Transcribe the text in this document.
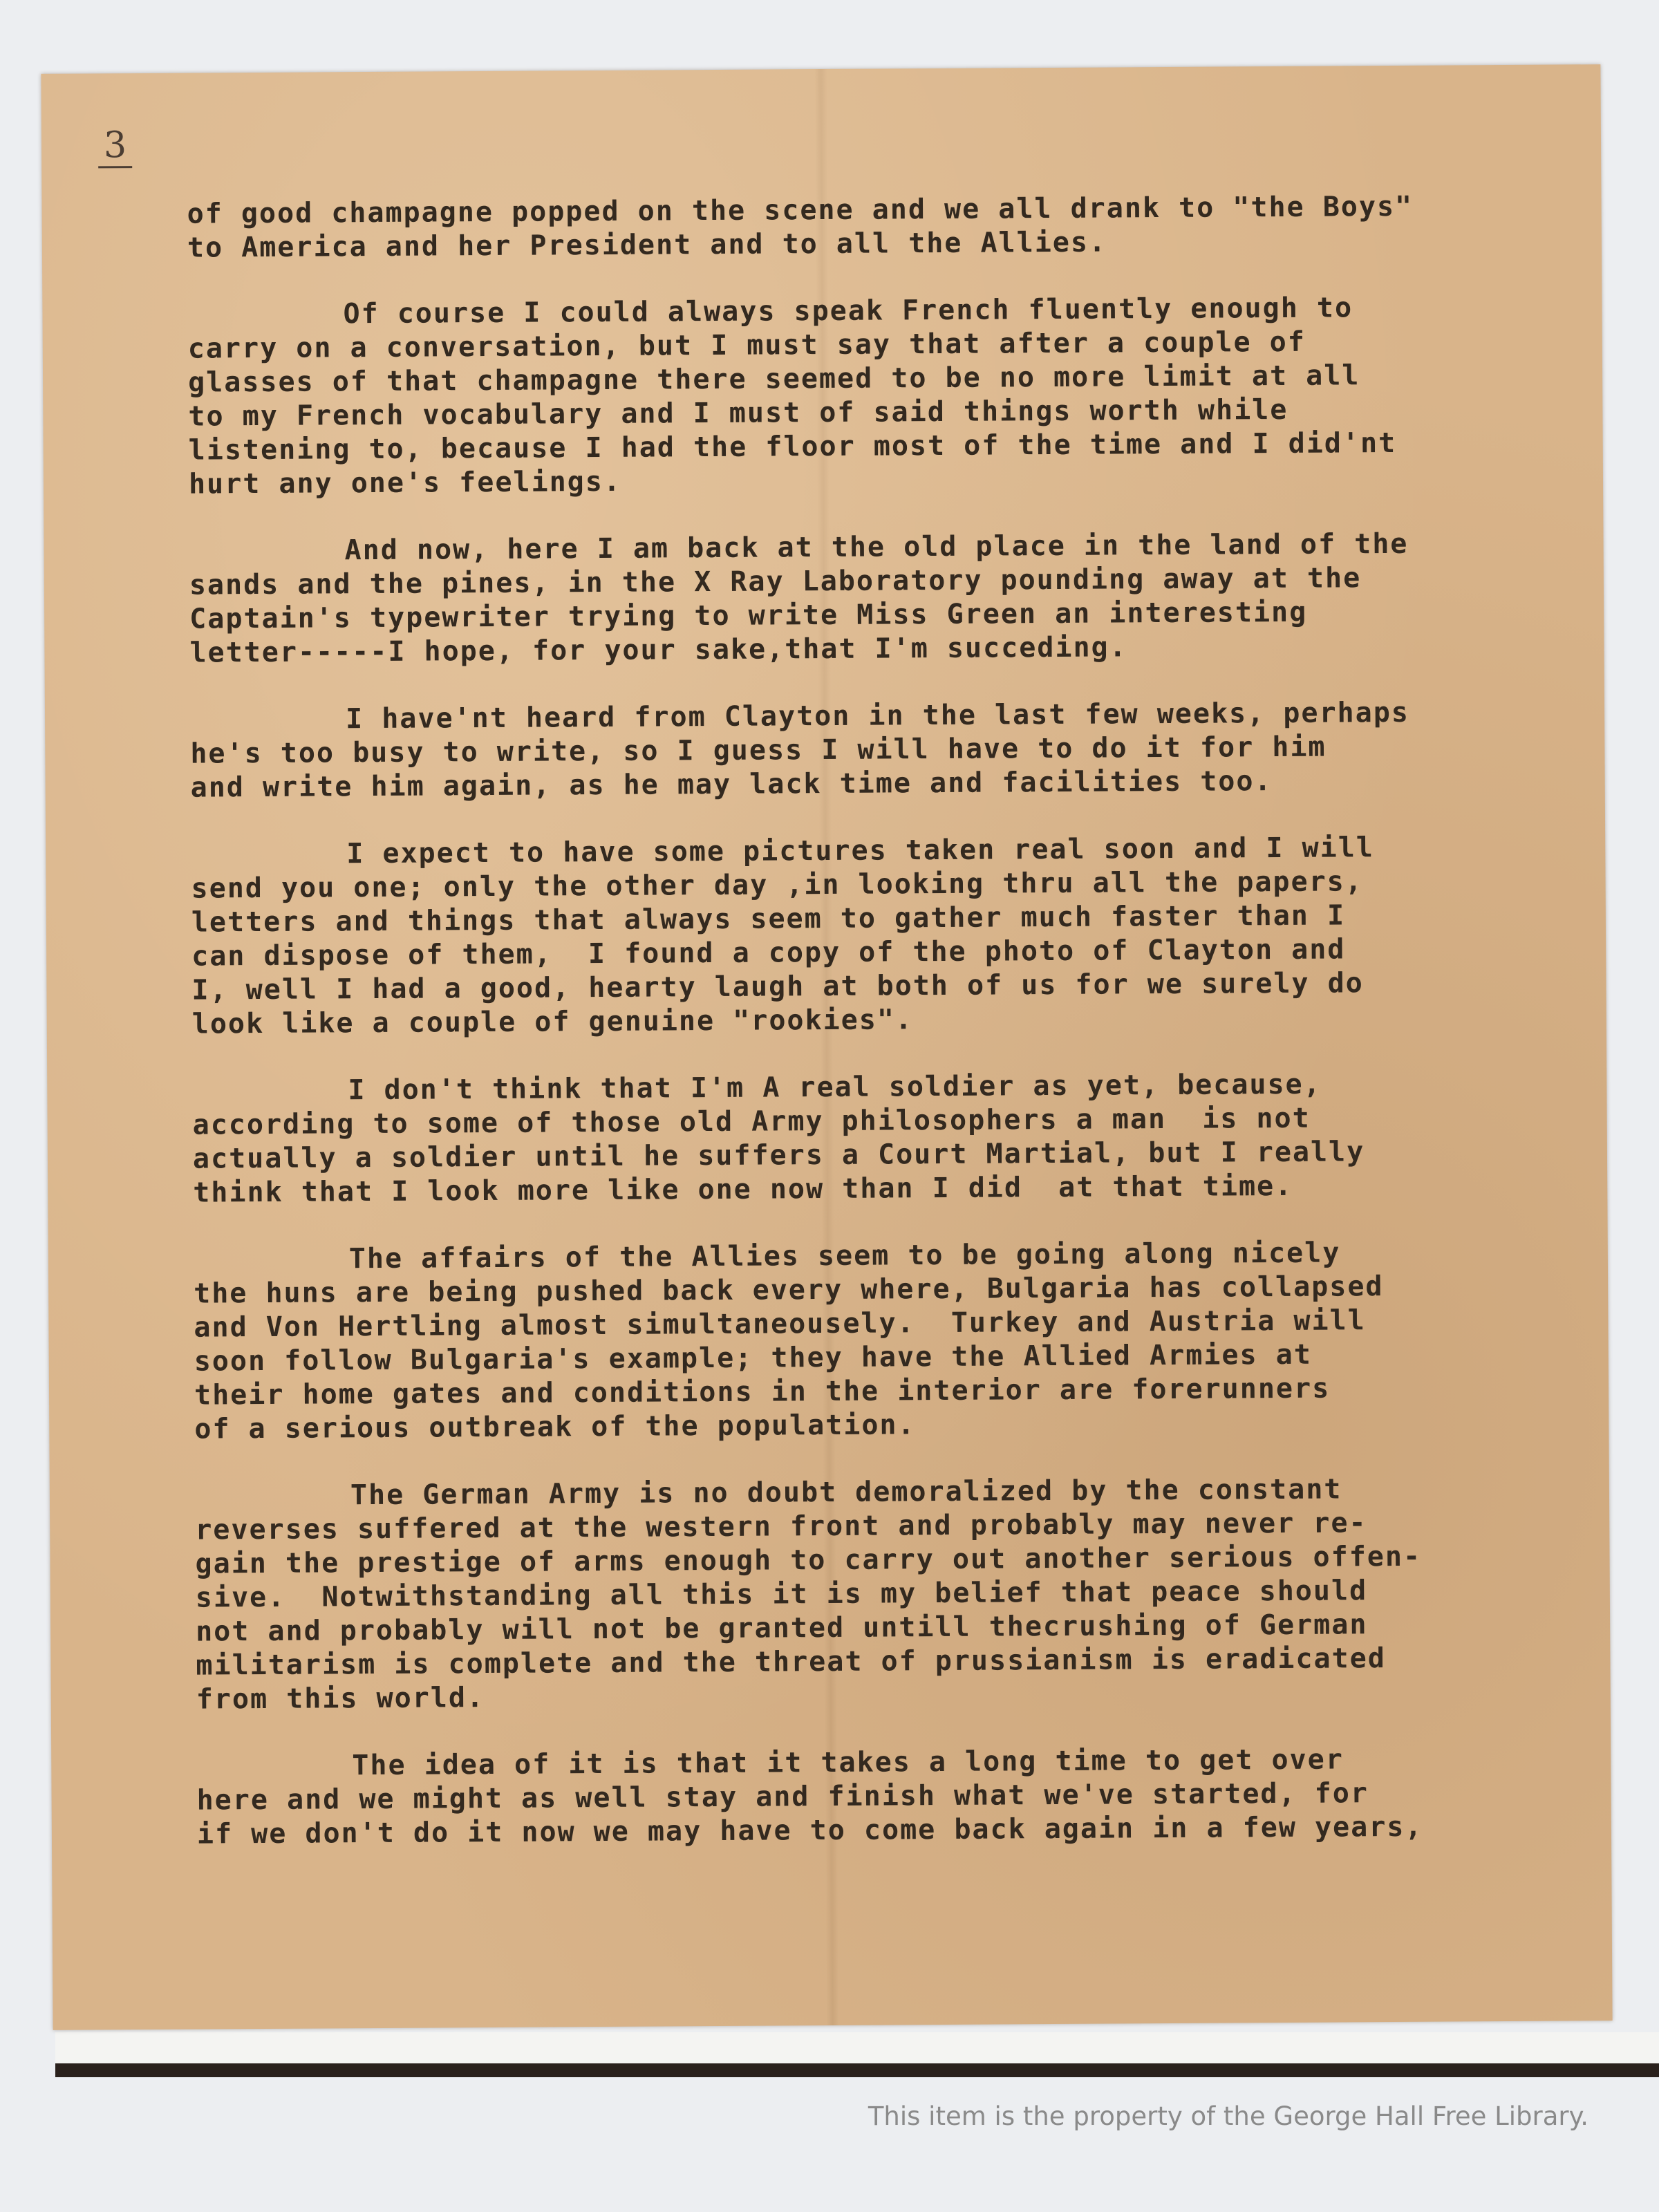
3
of good champagne popped on the scene and we all drank to "the Boys"
to America and her President and to all the Allies.
Of course I could always speak French fluently enough to
carry on a conversation, but I must say that after a couple of
glasses of that champagne there seemed to be no more limit at all
to my French vocabulary and I must of said things worth while
listening to, because I had the floor most of the time and I did'nt
hurt any one's feelings.
And now, here I am back at the old place in the land of the
sands and the pines, in the X Ray Laboratory pounding away at the
Captain's typewriter trying to write Miss Green an interesting
letter-----I hope, for your sake,that I'm succeding.
I have'nt heard from Clayton in the last few weeks, perhaps
he's too busy to write, so I guess I will have to do it for him
and write him again, as he may lack time and facilities too.
I expect to have some pictures taken real soon and I will
send you one; only the other day ,in looking thru all the papers,
letters and things that always seem to gather much faster than I
can dispose of them,  I found a copy of the photo of Clayton and
I, well I had a good, hearty laugh at both of us for we surely do
look like a couple of genuine "rookies".
I don't think that I'm A real soldier as yet, because,
according to some of those old Army philosophers a man  is not
actually a soldier until he suffers a Court Martial, but I really
think that I look more like one now than I did  at that time.
The affairs of the Allies seem to be going along nicely
the huns are being pushed back every where, Bulgaria has collapsed
and Von Hertling almost simultaneousely.  Turkey and Austria will
soon follow Bulgaria's example; they have the Allied Armies at
their home gates and conditions in the interior are forerunners
of a serious outbreak of the population.
The German Army is no doubt demoralized by the constant
reverses suffered at the western front and probably may never re-
gain the prestige of arms enough to carry out another serious offen-
sive.  Notwithstanding all this it is my belief that peace should
not and probably will not be granted untill thecrushing of German
militarism is complete and the threat of prussianism is eradicated
from this world.
The idea of it is that it takes a long time to get over
here and we might as well stay and finish what we've started, for
if we don't do it now we may have to come back again in a few years,
This item is the property of the George Hall Free Library.
